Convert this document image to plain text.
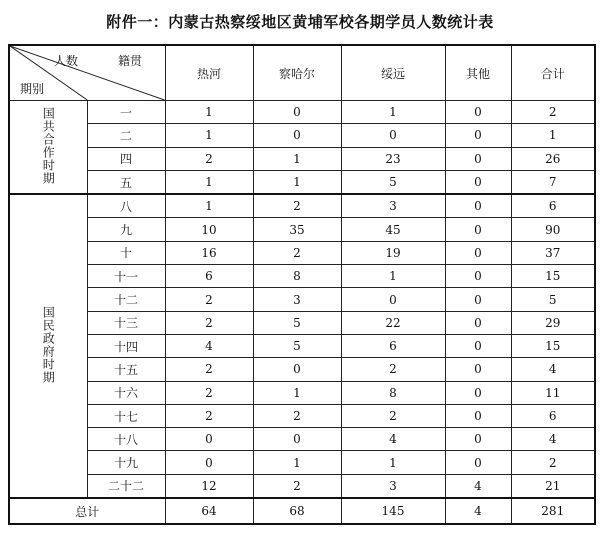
附件一：内蒙古热察绥地区黄埔军校各期学员人数统计表
人数 籍贯
期别		热河	察哈尔	绥远	其他	合计
国共合作时期	一	1	0	1	0	2
	二	1	0	0	0	1
	四	2	1	23	0	26
	五	1	1	5	0	7
国民政府时期	八	1	2	3	0	6
	九	10	35	45	0	90
	十	16	2	19	0	37
	十一	6	8	1	0	15
	十二	2	3	0	0	5
	十三	2	5	22	0	29
	十四	4	5	6	0	15
	十五	2	0	2	0	4
	十六	2	1	8	0	11
	十七	2	2	2	0	6
	十八	0	0	4	0	4
	十九	0	1	1	0	2
	二十二	12	2	3	4	21
总计		64	68	145	4	281
